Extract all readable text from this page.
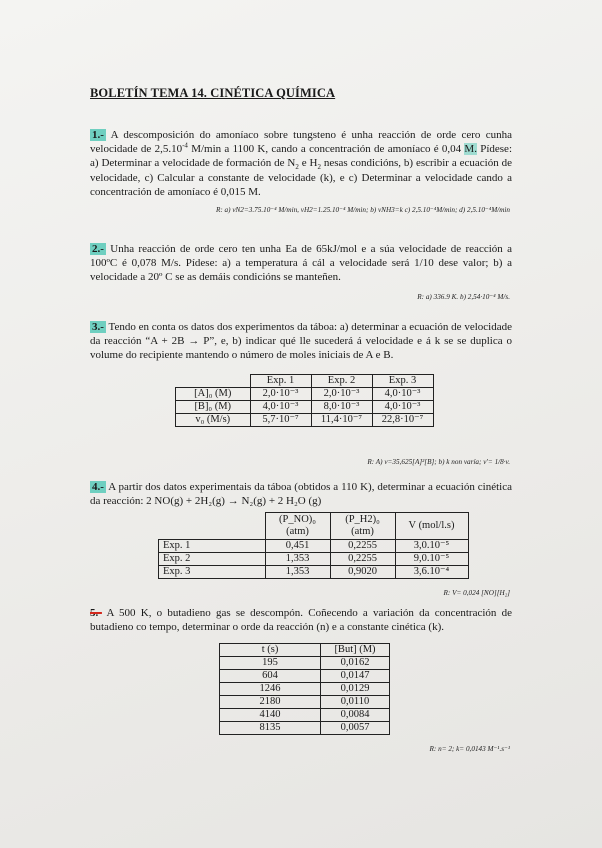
BOLETÍN TEMA 14. CINÉTICA QUÍMICA
1.- A descomposición do amoníaco sobre tungsteno é unha reacción de orde cero cunha velocidade de $2,5.10^{-4}$ M/min a 1100 K, cando a concentración de amoníaco é 0,04 M. Pídese: a) Determinar a velocidade de formación de $N_2$ e $H_2$ nesas condicións, b) escribir a ecuación de velocidade, c) Calcular a constante de velocidade (k), e c) Determinar a velocidade cando a concentración de amoníaco é 0,015 M.
R: a) vN2=3.75.10⁻⁴ M/min, vH2=1.25.10⁻⁴ M/min; b) vNH3=k c) 2,5.10⁻⁴M/min; d) 2,5.10⁻⁴M/min
2.- Unha reacción de orde cero ten unha Ea de 65kJ/mol e a súa velocidade de reacción a 100ºC é 0,078 M/s. Pídese: a) a temperatura á cál a velocidade será 1/10 dese valor; b) a velocidade a 20º C se as demáis condicións se manteñen.
R: a) 336.9 K. b) 2,54·10⁻⁴ M/s.
3.- Tendo en conta os datos dos experimentos da táboa: a) determinar a ecuación de velocidade da reacción “A + 2B → P”, e, b) indicar qué lle sucederá á velocidade e á k se se duplica o volume do recipiente mantendo o número de moles iniciais de A e B.
	Exp. 1	Exp. 2	Exp. 3
[A]₀ (M)	2,0·10⁻³	2,0·10⁻³	4,0·10⁻³
[B]₀ (M)	4,0·10⁻³	8,0·10⁻³	4,0·10⁻³
v₀ (M/s)	5,7·10⁻⁷	11,4·10⁻⁷	22,8·10⁻⁷
R: A) v=35,625[A]²[B]; b) k non varía; v'= 1/8·v.
4.- A partir dos datos experimentais da táboa (obtidos a 110 K), determinar a ecuación cinética da reacción: 2 NO(g) + 2H₂(g) → N₂(g) + 2 H₂O (g)
	(P_NO)₀ (atm)	(P_H2)₀ (atm)	V (mol/l.s)
Exp. 1	0,451	0,2255	3,0.10⁻⁵
Exp. 2	1,353	0,2255	9,0.10⁻⁵
Exp. 3	1,353	0,9020	3,6.10⁻⁴
R: V= 0,024 [NO][H₂]
5.- A 500 K, o butadieno gas se descompón. Coñecendo a variación da concentración de butadieno co tempo, determinar o orde da reacción (n) e a constante cinética (k).
t (s)	[But] (M)
195	0,0162
604	0,0147
1246	0,0129
2180	0,0110
4140	0,0084
8135	0,0057
R: n= 2; k= 0,0143 M⁻¹.s⁻¹
